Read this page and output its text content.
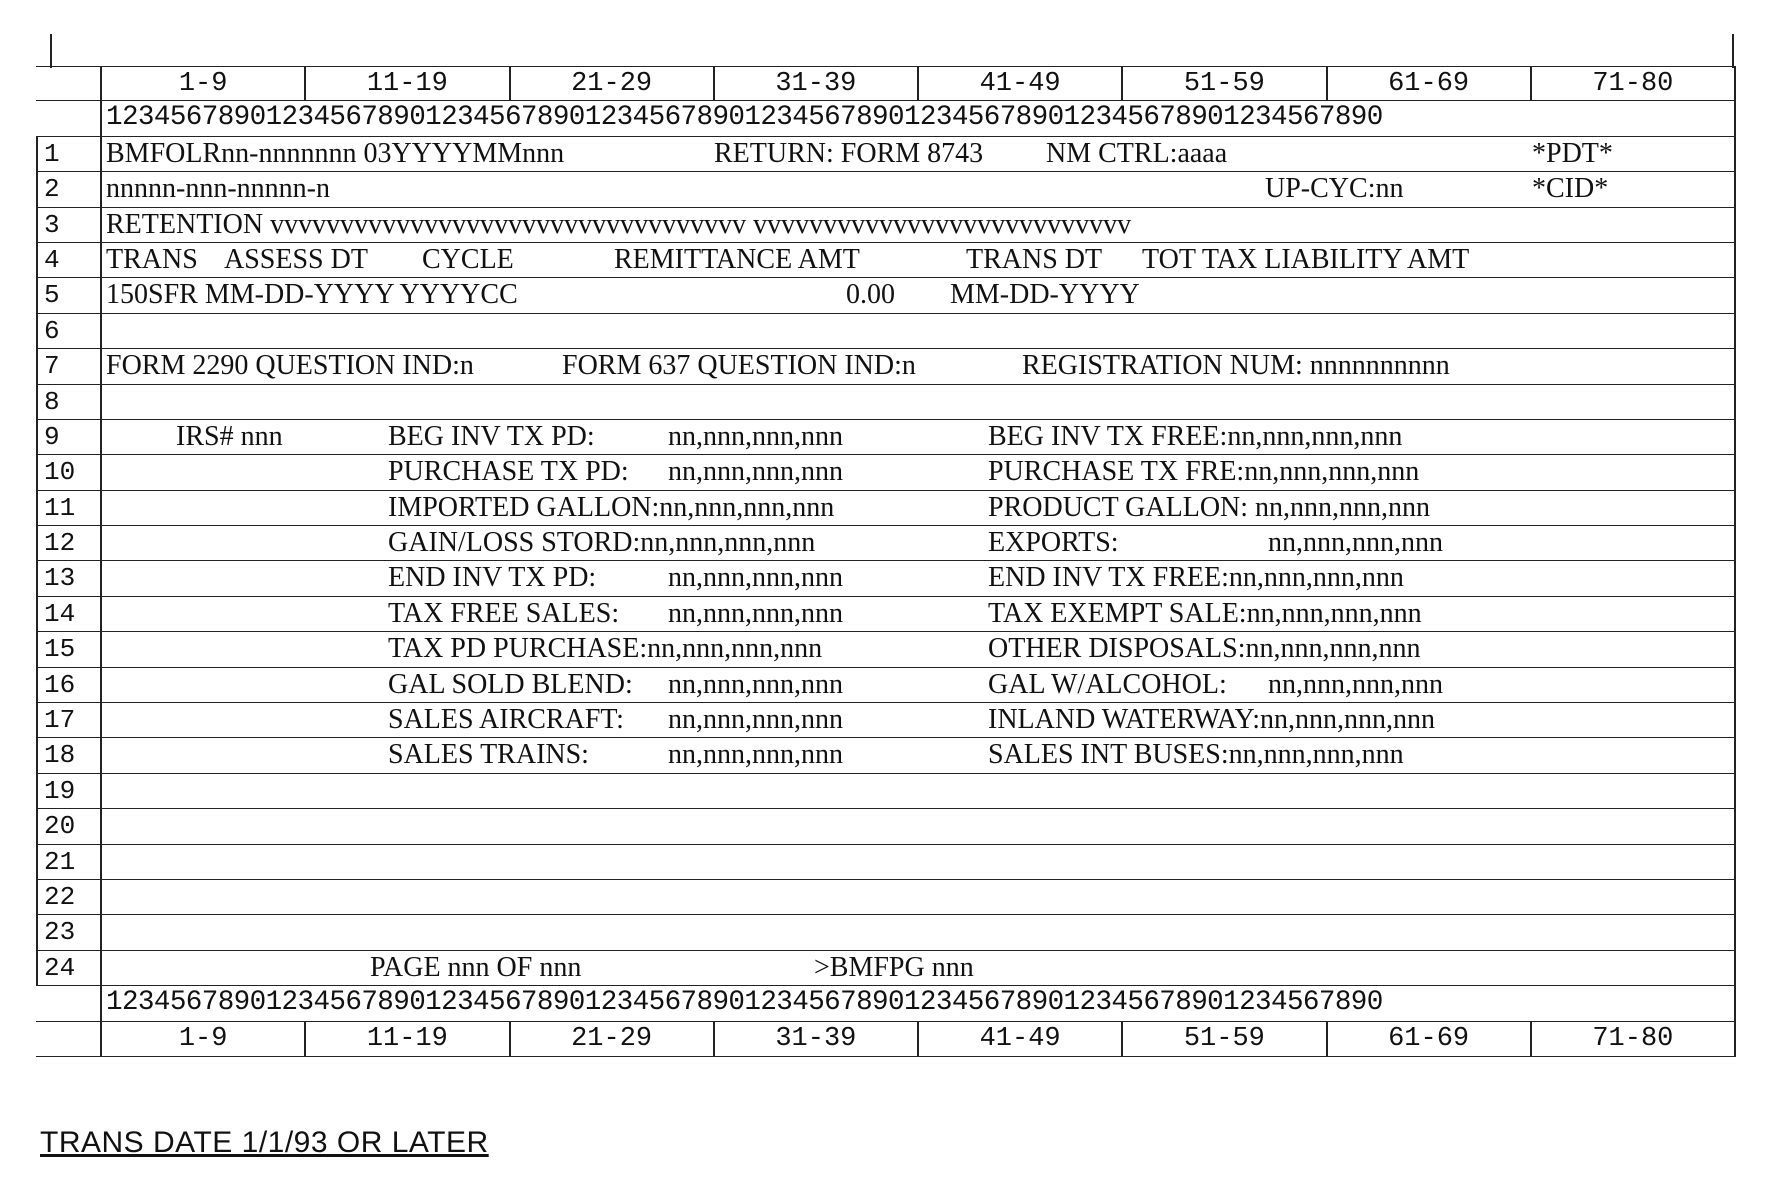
1-9	11-19	21-29	31-39	41-49	51-59	61-69	71-80
12345678901234567890123456789012345678901234567890123456789012345678901234567890
1	BMFOLRnn-nnnnnnn 03YYYYMMnnn	RETURN: FORM 8743 NM CTRL:aaaa	*PDT*
2	nnnnn-nnn-nnnnn-n	UP-CYC:nn	*CID*
3	RETENTION vvvvvvvvvvvvvvvvvvvvvvvvvvvvvvvvvv vvvvvvvvvvvvvvvvvvvvvvvvvvv
4	TRANS ASSESS DT CYCLE	REMITTANCE AMT	TRANS DT TOT TAX LIABILITY AMT
5	150SFR MM-DD-YYYY YYYYCC	0.00 MM-DD-YYYY
6
7	FORM 2290 QUESTION IND:n	FORM 637 QUESTION IND:n	REGISTRATION NUM: nnnnnnnnnn
8
9	IRS# nnn	BEG INV TX PD:	nn,nnn,nnn,nnn	BEG INV TX FREE:nn,nnn,nnn,nnn
10	PURCHASE TX PD: nn,nnn,nnn,nnn	PURCHASE TX FRE:nn,nnn,nnn,nnn
11	IMPORTED GALLON:nn,nnn,nnn,nnn	PRODUCT GALLON: nn,nnn,nnn,nnn
12	GAIN/LOSS STORD:nn,nnn,nnn,nnn	EXPORTS:	nn,nnn,nnn,nnn
13	END INV TX PD:	nn,nnn,nnn,nnn	END INV TX FREE:nn,nnn,nnn,nnn
14	TAX FREE SALES: nn,nnn,nnn,nnn	TAX EXEMPT SALE:nn,nnn,nnn,nnn
15	TAX PD PURCHASE:nn,nnn,nnn,nnn	OTHER DISPOSALS:nn,nnn,nnn,nnn
16	GAL SOLD BLEND: nn,nnn,nnn,nnn	GAL W/ALCOHOL: nn,nnn,nnn,nnn
17	SALES AIRCRAFT: nn,nnn,nnn,nnn	INLAND WATERWAY:nn,nnn,nnn,nnn
18	SALES TRAINS:	nn,nnn,nnn,nnn	SALES INT BUSES:nn,nnn,nnn,nnn
19
20
21
22
23
24	PAGE nnn OF nnn	>BMFPG nnn
12345678901234567890123456789012345678901234567890123456789012345678901234567890
1-9	11-19	21-29	31-39	41-49	51-59	61-69	71-80
TRANS DATE 1/1/93 OR LATER
